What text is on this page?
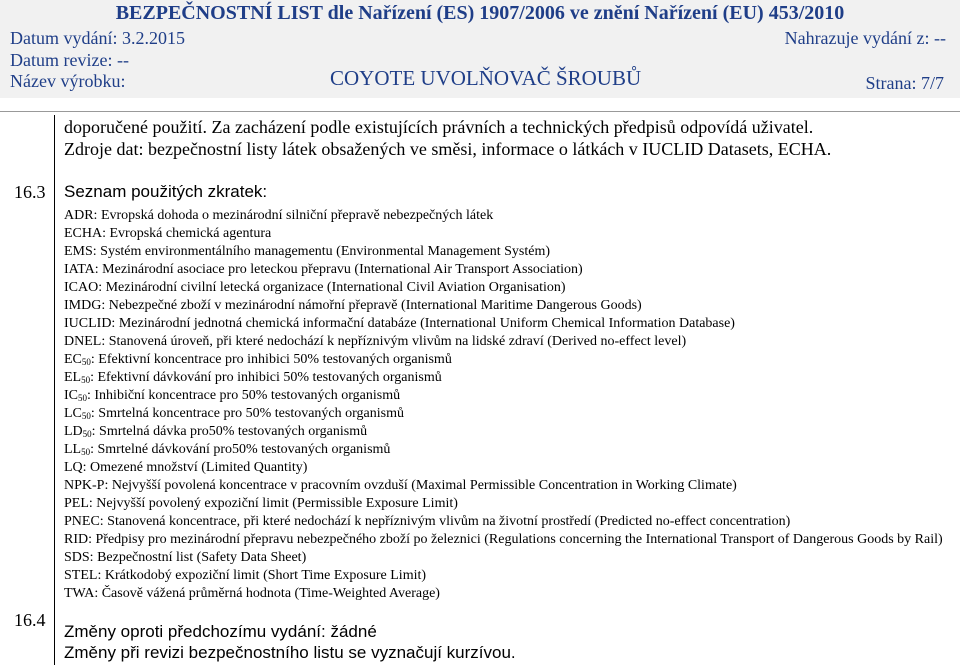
BEZPEČNOSTNÍ LIST dle Nařízení (ES) 1907/2006 ve znění Nařízení (EU) 453/2010
Datum vydání: 3.2.2015	Nahrazuje vydání z: --
Datum revize: --
Název výrobku:	COYOTE UVOLŇOVAČ ŠROUBŮ	Strana: 7/7
doporučené použití. Za zacházení podle existujících právních a technických předpisů odpovídá uživatel.
Zdroje dat: bezpečnostní listy látek obsažených ve směsi, informace o látkách v IUCLID Datasets, ECHA.
16.3 Seznam použitých zkratek:
ADR: Evropská dohoda o mezinárodní silniční přepravě nebezpečných látek
ECHA: Evropská chemická agentura
EMS: Systém environmentálního managementu (Environmental Management Systém)
IATA: Mezinárodní asociace pro leteckou přepravu (International Air Transport Association)
ICAO: Mezinárodní civilní letecká organizace (International Civil Aviation Organisation)
IMDG: Nebezpečné zboží v mezinárodní námořní přepravě (International Maritime Dangerous Goods)
IUCLID: Mezinárodní jednotná chemická informační databáze (International Uniform Chemical Information Database)
DNEL: Stanovená úroveň, při které nedochází k nepříznivým vlivům na lidské zdraví (Derived no-effect level)
$EC_{50}$: Efektivní koncentrace pro inhibici 50% testovaných organismů
$EL_{50}$: Efektivní dávkování pro inhibici 50% testovaných organismů
$IC_{50}$: Inhibiční koncentrace pro 50% testovaných organismů
$LC_{50}$: Smrtelná koncentrace pro 50% testovaných organismů
$LD_{50}$: Smrtelná dávka pro50% testovaných organismů
$LL_{50}$: Smrtelné dávkování pro50% testovaných organismů
LQ: Omezené množství (Limited Quantity)
NPK-P: Nejvyšší povolená koncentrace v pracovním ovzduší (Maximal Permissible Concentration in Working Climate)
PEL: Nejvyšší povolený expoziční limit (Permissible Exposure Limit)
PNEC: Stanovená koncentrace, při které nedochází k nepříznivým vlivům na životní prostředí (Predicted no-effect concentration)
RID: Předpisy pro mezinárodní přepravu nebezpečného zboží po železnici (Regulations concerning the International Transport of Dangerous Goods by Rail)
SDS: Bezpečnostní list (Safety Data Sheet)
STEL: Krátkodobý expoziční limit (Short Time Exposure Limit)
TWA: Časově vážená průměrná hodnota (Time-Weighted Average)
16.4
Změny oproti předchozímu vydání: žádné
Změny při revizi bezpečnostního listu se vyznačují kurzívou.
